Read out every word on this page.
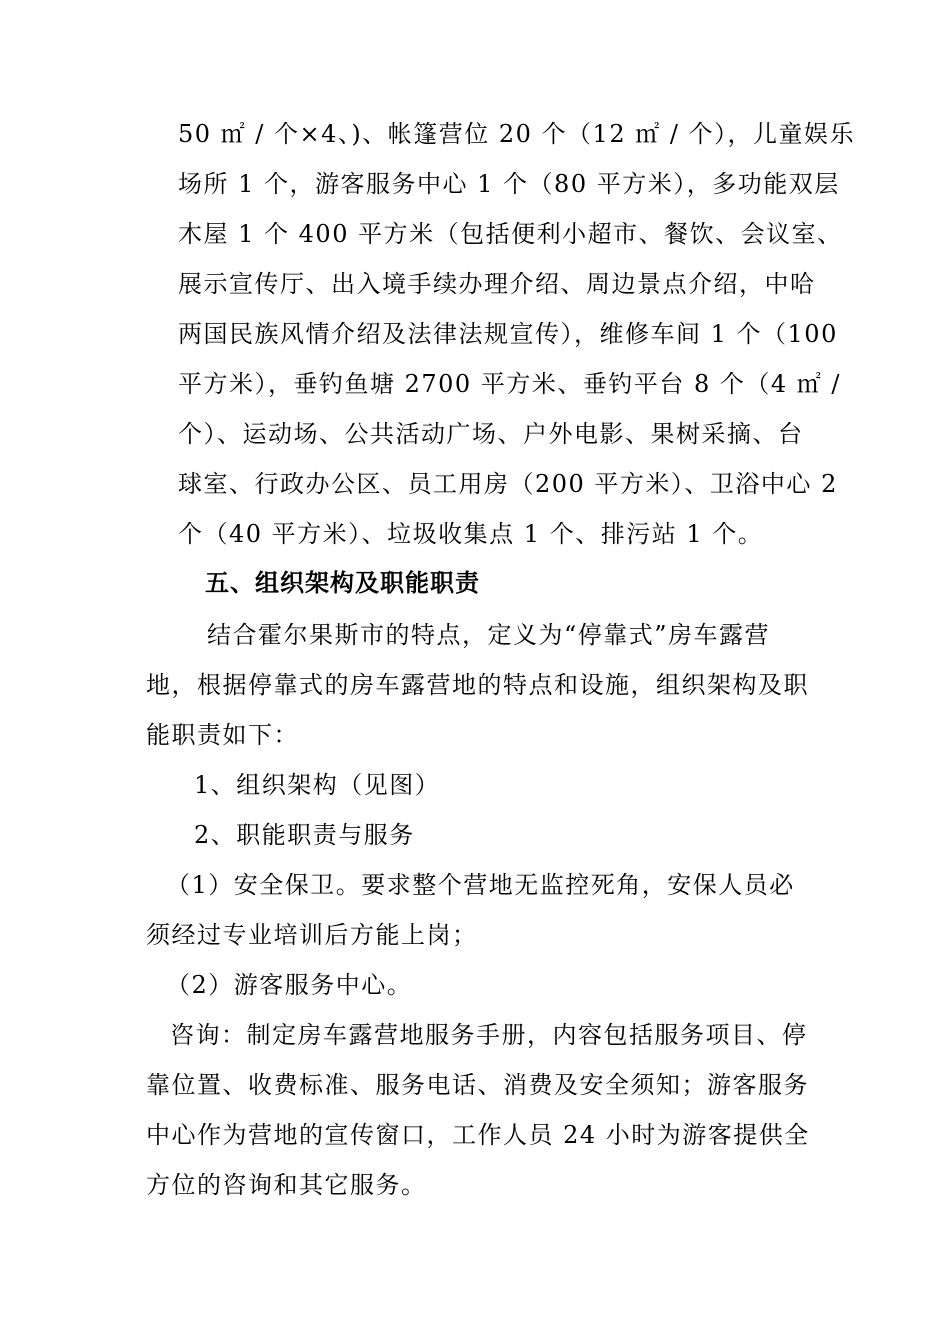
50 ㎡ / 个×4、)、帐篷营位 20 个（12 ㎡ / 个），儿童娱乐
场所 1 个，游客服务中心 1 个（80 平方米），多功能双层
木屋 1 个 400 平方米（包括便利小超市、餐饮、会议室、
展示宣传厅、出入境手续办理介绍、周边景点介绍，中哈
两国民族风情介绍及法律法规宣传），维修车间 1 个（100
平方米），垂钓鱼塘 2700 平方米、垂钓平台 8 个（4 ㎡ /
个）、运动场、公共活动广场、户外电影、果树采摘、台
球室、行政办公区、员工用房（200 平方米）、卫浴中心 2
个（40 平方米）、垃圾收集点 1 个、排污站 1 个。
五、组织架构及职能职责
结合霍尔果斯市的特点，定义为“停靠式”房车露营
地，根据停靠式的房车露营地的特点和设施，组织架构及职
能职责如下：
1、组织架构（见图）
2、职能职责与服务
（1）安全保卫。要求整个营地无监控死角，安保人员必
须经过专业培训后方能上岗；
（2）游客服务中心。
咨询：制定房车露营地服务手册，内容包括服务项目、停
靠位置、收费标准、服务电话、消费及安全须知；游客服务
中心作为营地的宣传窗口，工作人员 24 小时为游客提供全
方位的咨询和其它服务。
